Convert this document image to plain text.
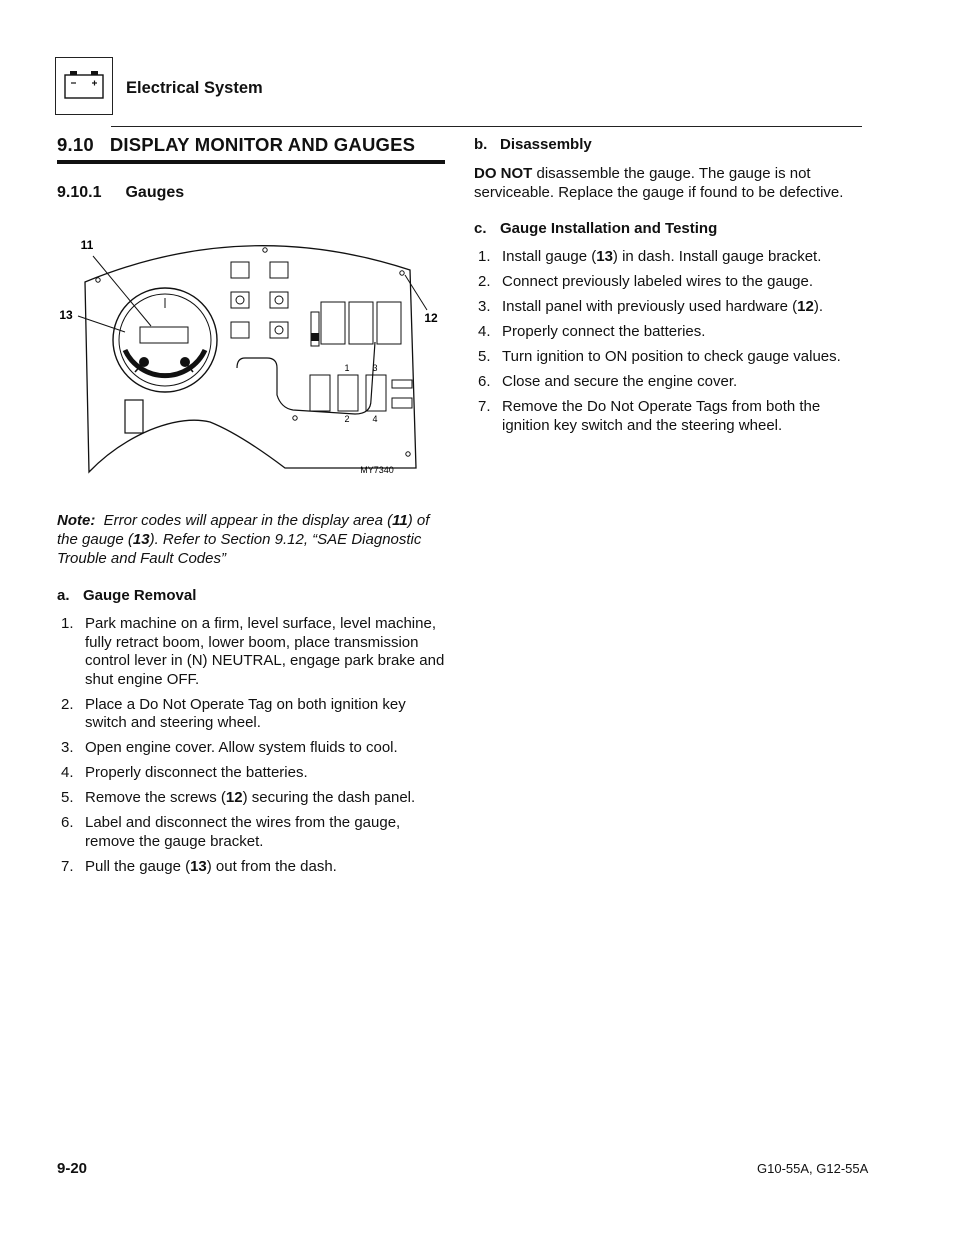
Electrical System
9.10   DISPLAY MONITOR AND GAUGES
9.10.1 Gauges
11
13	12
1	3
2	4
MY7340
Note: Error codes will appear in the display area (11) of the gauge (13). Refer to Section 9.12, “SAE Diagnostic Trouble and Fault Codes”
a. Gauge Removal
1. Park machine on a firm, level surface, level machine, fully retract boom, lower boom, place transmission control lever in (N) NEUTRAL, engage park brake and shut engine OFF.
2. Place a Do Not Operate Tag on both ignition key switch and steering wheel.
3. Open engine cover. Allow system fluids to cool.
4. Properly disconnect the batteries.
5. Remove the screws (12) securing the dash panel.
6. Label and disconnect the wires from the gauge, remove the gauge bracket.
7. Pull the gauge (13) out from the dash.
b. Disassembly
DO NOT disassemble the gauge. The gauge is not serviceable. Replace the gauge if found to be defective.
c. Gauge Installation and Testing
1. Install gauge (13) in dash. Install gauge bracket.
2. Connect previously labeled wires to the gauge.
3. Install panel with previously used hardware (12).
4. Properly connect the batteries.
5. Turn ignition to ON position to check gauge values.
6. Close and secure the engine cover.
7. Remove the Do Not Operate Tags from both the ignition key switch and the steering wheel.
9-20	G10-55A, G12-55A
